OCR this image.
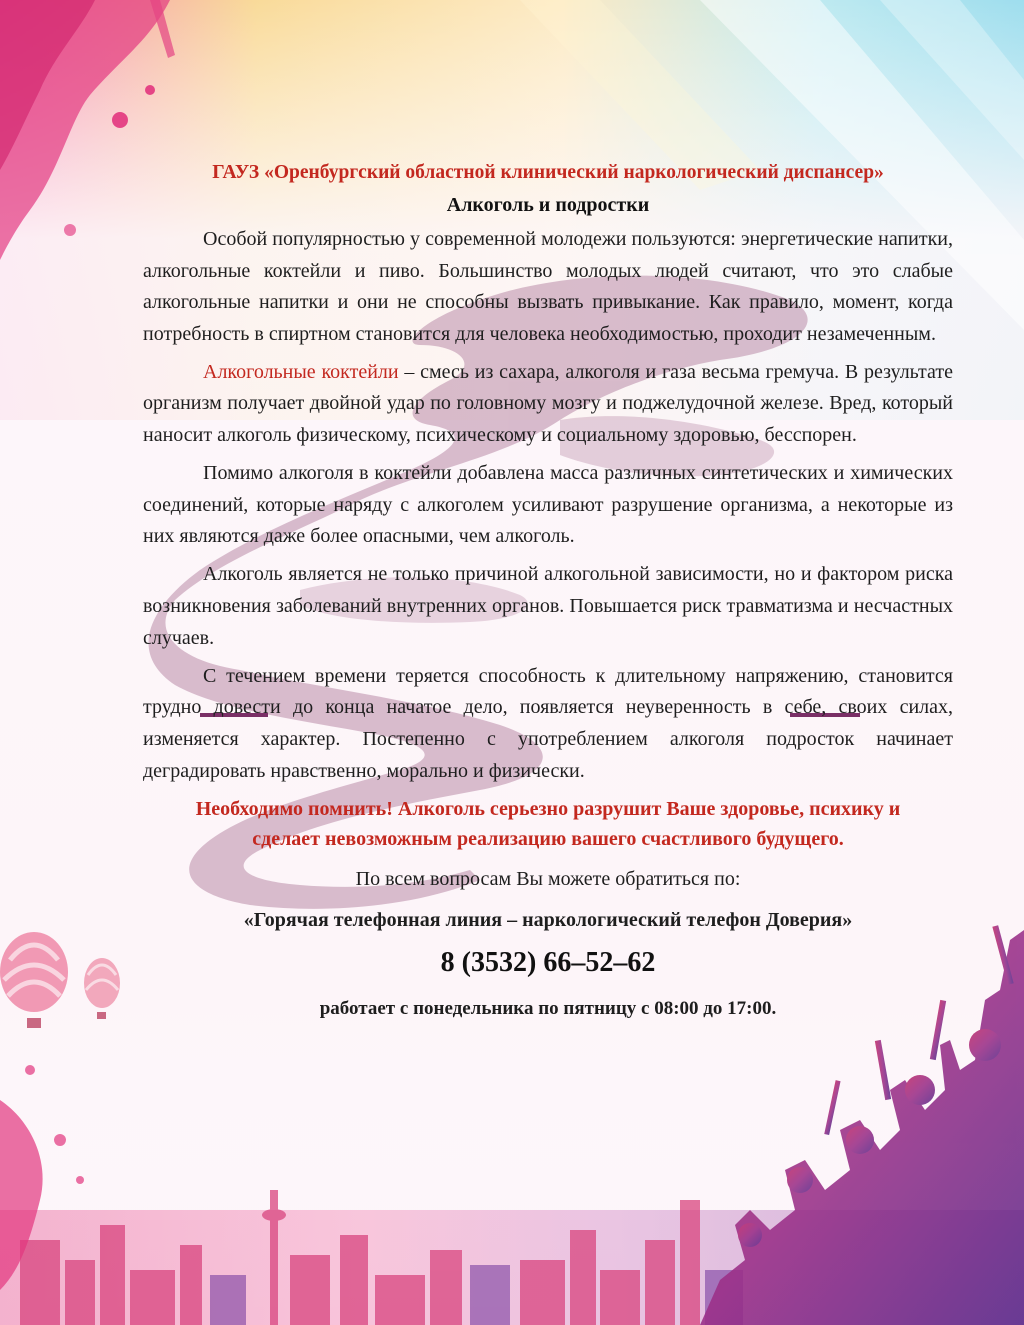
ГАУЗ «Оренбургский областной клинический наркологический диспансер»

Алкоголь и подростки

Особой популярностью у современной молодежи пользуются: энергетические напитки, алкогольные коктейли и пиво. Большинство молодых людей считают, что это слабые алкогольные напитки и они не способны вызвать привыкание. Как правило, момент, когда потребность в спиртном становится для человека необходимостью, проходит незамеченным.

Алкогольные коктейли – смесь из сахара, алкоголя и газа весьма гремуча. В результате организм получает двойной удар по головному мозгу и поджелудочной железе. Вред, который наносит алкоголь физическому, психическому и социальному здоровью, бесспорен.

Помимо алкоголя в коктейли добавлена масса различных синтетических и химических соединений, которые наряду с алкоголем усиливают разрушение организма, а некоторые из них являются даже более опасными, чем алкоголь.

Алкоголь является не только причиной алкогольной зависимости, но и фактором риска возникновения заболеваний внутренних органов. Повышается риск травматизма и несчастных случаев.

С течением времени теряется способность к длительному напряжению, становится трудно довести до конца начатое дело, появляется неуверенность в себе, своих силах, изменяется характер. Постепенно с употреблением алкоголя подросток начинает деградировать нравственно, морально и физически.

Необходимо помнить! Алкоголь серьезно разрушит Ваше здоровье, психику и сделает невозможным реализацию вашего счастливого будущего.

По всем вопросам Вы можете обратиться по:

«Горячая телефонная линия – наркологический телефон Доверия»

8 (3532) 66–52–62

работает с понедельника по пятницу с 08:00 до 17:00.
